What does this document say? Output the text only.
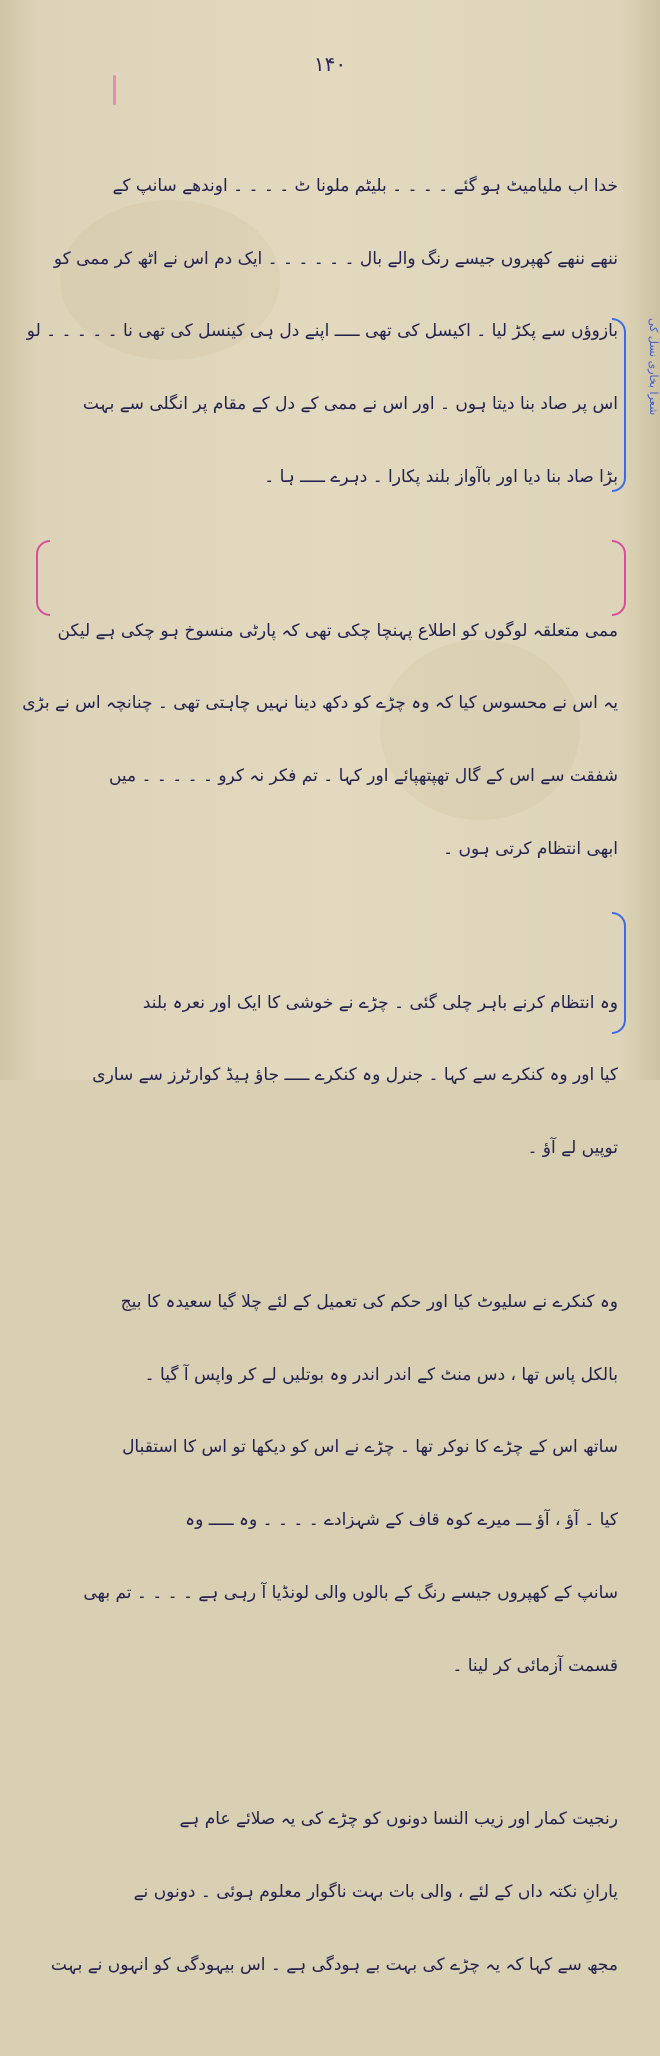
۱۴۰

خدا اب ملیامیٹ ہو گئے ۔ ۔ ۔ ۔ بلیٹم ملونا ٹ ۔ ۔ ۔ ۔ اوندھے سانپ کے

ننھے ننھے کھپروں جیسے رنگ والے بال ۔ ۔ ۔ ۔ ۔ ۔ ایک دم اس نے اٹھ کر ممی کو

بازوؤں سے پکڑ لیا ۔ اکیسل کی تھی ـــــ اپنے دل ہی کینسل کی تھی نا ۔ ۔ ۔ ۔ ۔ لو

اس پر صاد بنا دیتا ہوں ۔ اور اس نے ممی کے دل کے مقام پر انگلی سے بہت

بڑا صاد بنا دیا اور باآواز بلند پکارا ۔ دہرے ـــــ ہا ۔

ممی متعلقہ لوگوں کو اطلاع پہنچا چکی تھی کہ پارٹی منسوخ ہو چکی ہے لیکن

یہ اس نے محسوس کیا کہ وہ چڑے کو دکھ دینا نہیں چاہتی تھی ۔ چنانچہ اس نے بڑی

شفقت سے اس کے گال تھپتھپائے اور کہا ۔ تم فکر نہ کرو ۔ ۔ ۔ ۔ ۔ میں

ابھی انتظام کرتی ہوں ۔

وہ انتظام کرنے باہر چلی گئی ۔ چڑے نے خوشی کا ایک اور نعرہ بلند

کیا اور وہ کنکرے سے کہا ۔ جنرل وہ کنکرے ـــــ جاؤ ہیڈ کوارٹرز سے ساری

توپیں لے آؤ ۔

وہ کنکرے نے سلیوٹ کیا اور حکم کی تعمیل کے لئے چلا گیا سعیدہ کا بیج

بالکل پاس تھا ، دس منٹ کے اندر اندر وہ بوتلیں لے کر واپس آ گیا ۔

ساتھ اس کے چڑے کا نوکر تھا ۔ چڑے نے اس کو دیکھا تو اس کا استقبال

کیا ۔ آؤ ، آؤ ـــ میرے کوہ قاف کے شہزادے ۔ ۔ ۔ ۔ وہ ـــــ وہ

سانپ کے کھپروں جیسے رنگ کے بالوں والی لونڈیا آ رہی ہے ۔ ۔ ۔ ۔ تم بھی

قسمت آزمائی کر لینا ۔

رنجیت کمار اور زیب النسا دونوں کو چڑے کی یہ صلائے عام ہے

یارانِ نکتہ داں کے لئے ، والی بات بہت ناگوار معلوم ہوئی ۔ دونوں نے

مجھ سے کہا کہ یہ چڑے کی بہت بے ہودگی ہے ۔ اس بیہودگی کو انہوں نے بہت

شعرا بخاری نسل کی
